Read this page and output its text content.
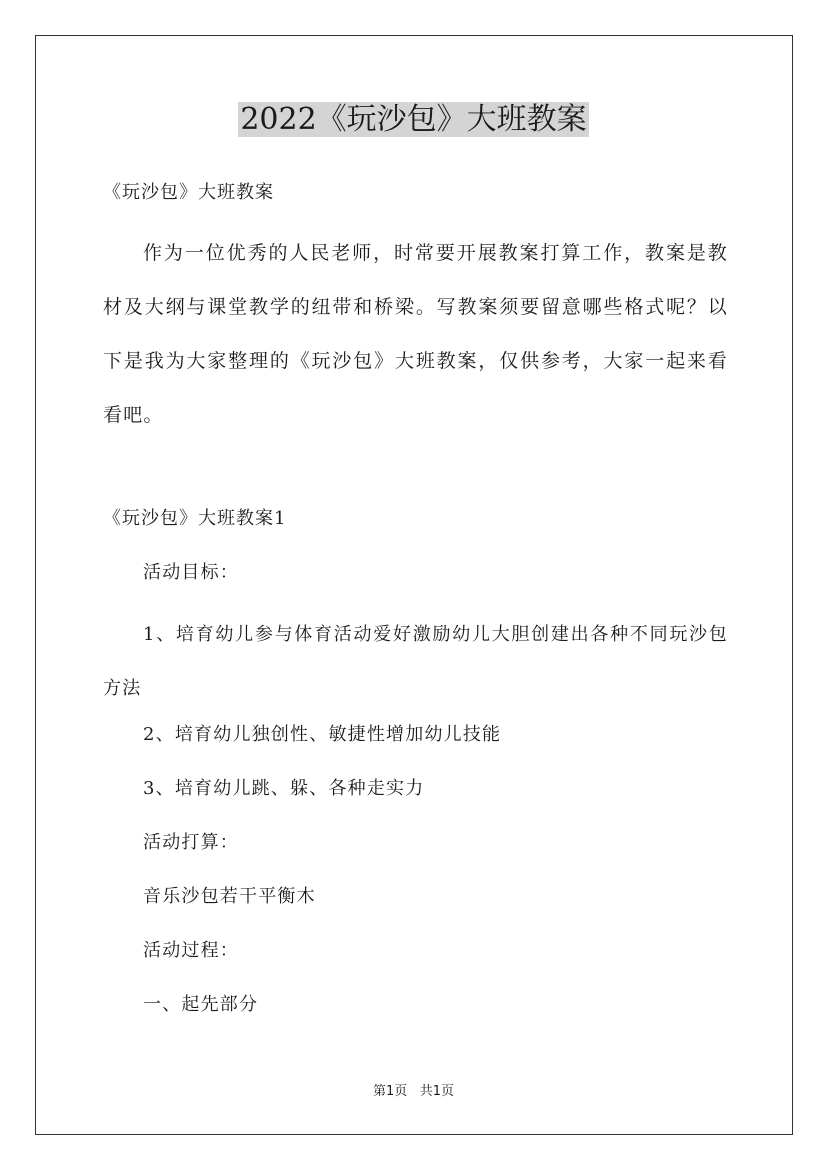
2022《玩沙包》大班教案
《玩沙包》大班教案

作为一位优秀的人民老师，时常要开展教案打算工作，教案是教材及大纲与课堂教学的纽带和桥梁。写教案须要留意哪些格式呢？以下是我为大家整理的《玩沙包》大班教案，仅供参考，大家一起来看看吧。

《玩沙包》大班教案1

活动目标：

1、培育幼儿参与体育活动爱好激励幼儿大胆创建出各种不同玩沙包方法

2、培育幼儿独创性、敏捷性增加幼儿技能

3、培育幼儿跳、躲、各种走实力

活动打算：

音乐沙包若干平衡木

活动过程：

一、起先部分

第1页 共1页
